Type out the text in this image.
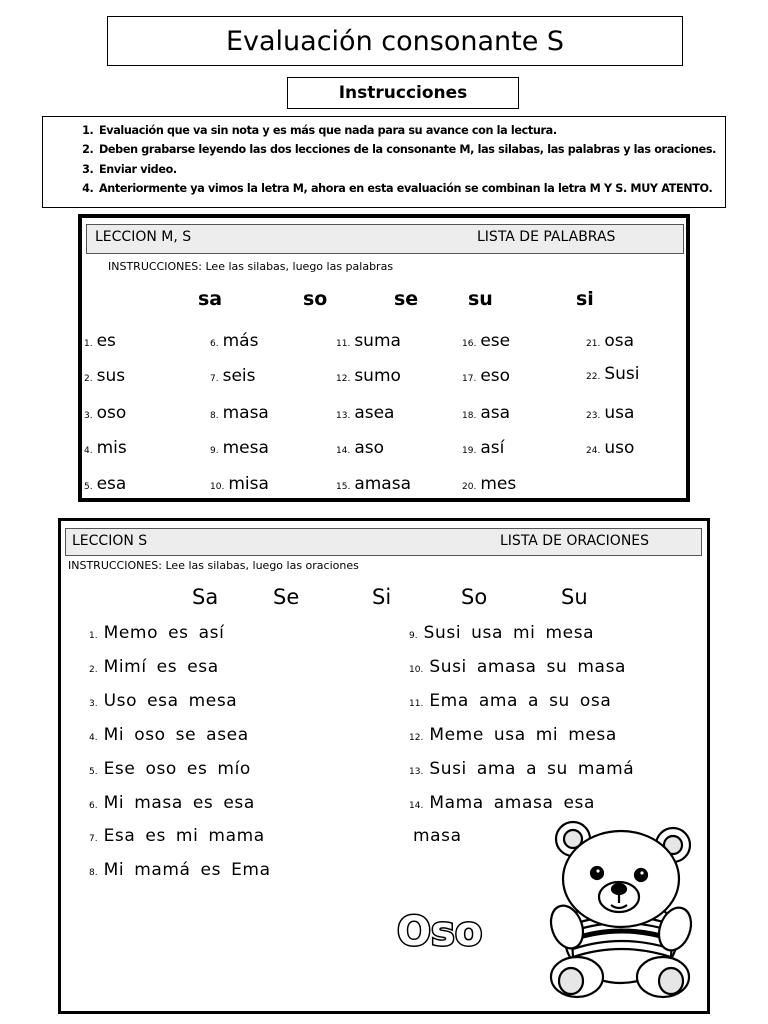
Evaluación consonante S
Instrucciones
1. Evaluación que va sin nota y es más que nada para su avance con la lectura.
2. Deben grabarse leyendo las dos lecciones de la consonante M, las silabas, las palabras y las oraciones.
3. Enviar video.
4. Anteriormente ya vimos la letra M, ahora en esta evaluación se combinan la letra M Y S. MUY ATENTO.
LECCION M, S	LISTA DE PALABRAS
INSTRUCCIONES: Lee las silabas, luego las palabras
sa	so	se	su	si
1. es
2. sus
3. oso
4. mis
5. esa
6. más
7. seis
8. masa
9. mesa
10. misa
11. suma
12. sumo
13. asea
14. aso
15. amasa
16. ese
17. eso
18. asa
19. así
20. mes
21. osa
22. Susi
23. usa
24. uso
LECCION S	LISTA DE ORACIONES
INSTRUCCIONES: Lee las silabas, luego las oraciones
Sa	Se	Si	So	Su
1. Memo es así
2. Mimí es esa
3. Uso esa mesa
4. Mi oso se asea
5. Ese oso es mío
6. Mi masa es esa
7. Esa es mi mama
8. Mi mamá es Ema
9. Susi usa mi mesa
10. Susi amasa su masa
11. Ema ama a su osa
12. Meme usa mi mesa
13. Susi ama a su mamá
14. Mama amasa esa
masa
Oso
